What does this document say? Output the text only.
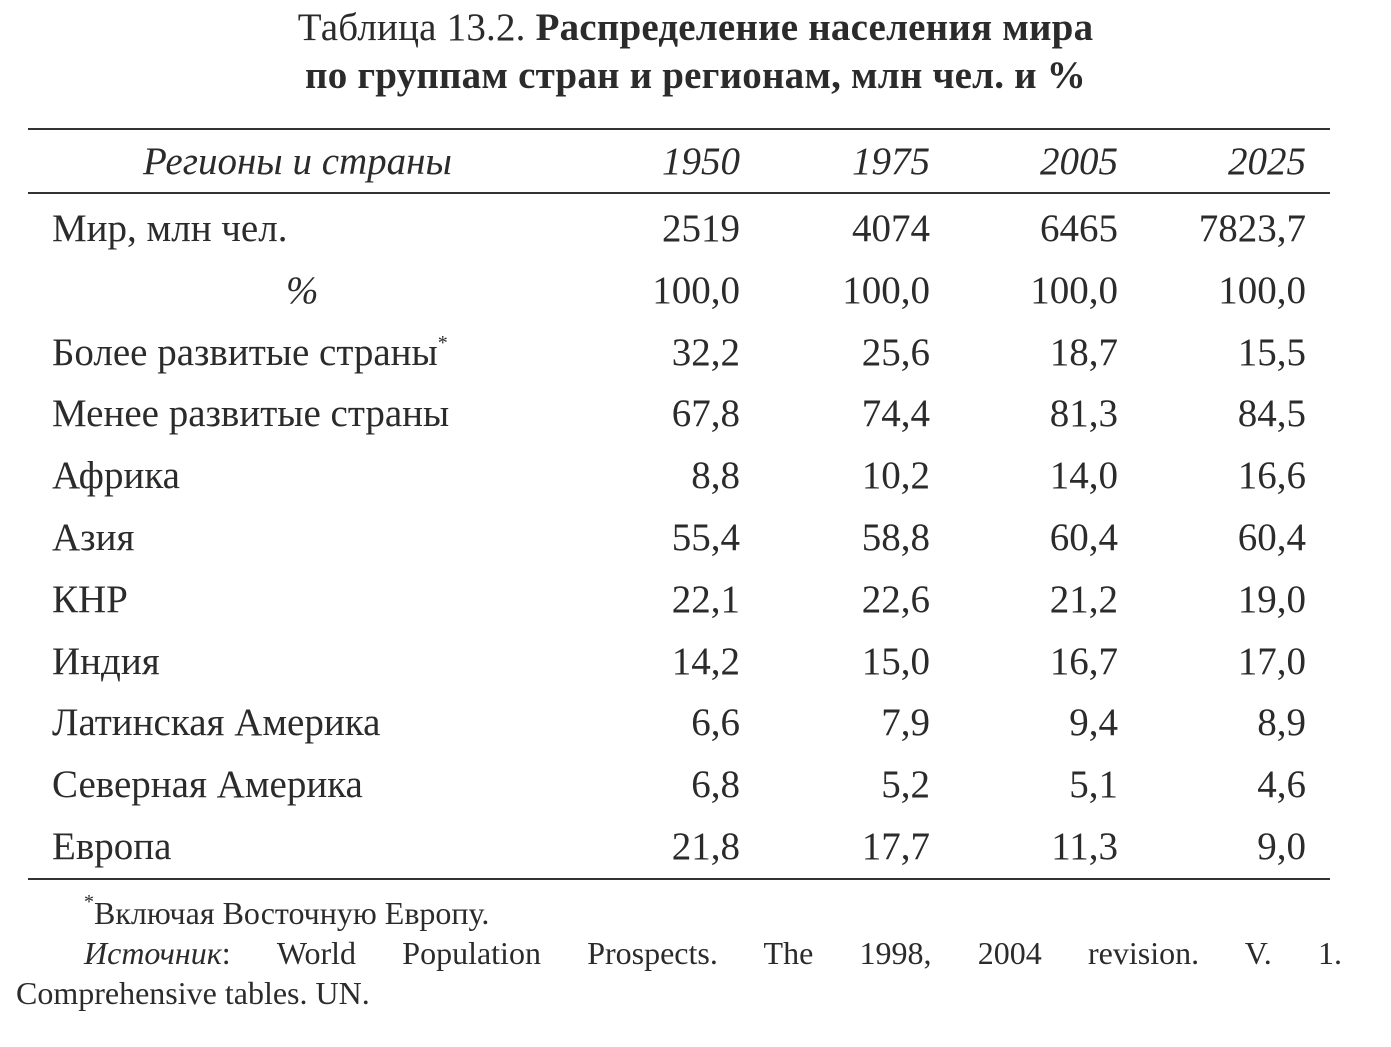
Таблица 13.2. Распределение населения мира
по группам стран и регионам, млн чел. и %
Регионы и страны	1950	1975	2005	2025
Мир, млн чел.	2519	4074	6465	7823,7
%	100,0	100,0	100,0	100,0
Более развитые страны*	32,2	25,6	18,7	15,5
Менее развитые страны	67,8	74,4	81,3	84,5
Африка	8,8	10,2	14,0	16,6
Азия	55,4	58,8	60,4	60,4
КНР	22,1	22,6	21,2	19,0
Индия	14,2	15,0	16,7	17,0
Латинская Америка	6,6	7,9	9,4	8,9
Северная Америка	6,8	5,2	5,1	4,6
Европа	21,8	17,7	11,3	9,0
*Включая Восточную Европу.
Источник: World Population Prospects. The 1998, 2004 revision. V. 1.
Comprehensive tables. UN.
